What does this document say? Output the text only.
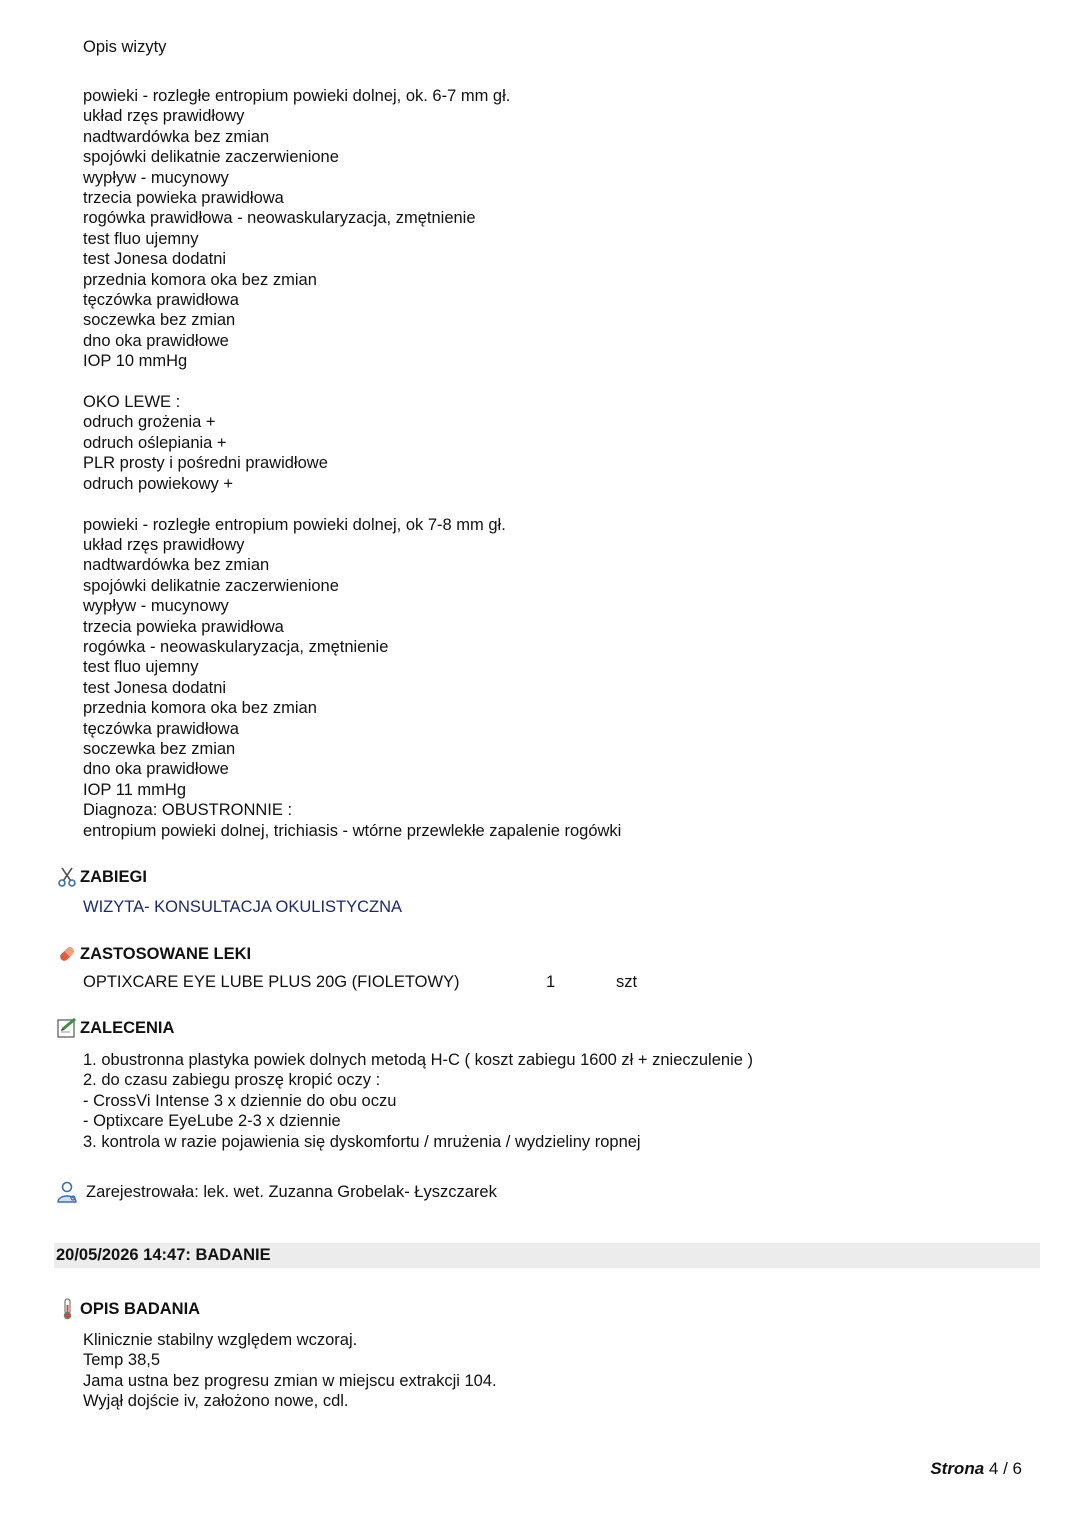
Opis wizyty
powieki - rozległe entropium powieki dolnej, ok. 6-7 mm gł.
układ rzęs prawidłowy
nadtwardówka bez zmian
spojówki delikatnie zaczerwienione
wypływ - mucynowy
trzecia powieka prawidłowa
rogówka prawidłowa - neowaskularyzacja, zmętnienie
test fluo ujemny
test Jonesa dodatni
przednia komora oka bez zmian
tęczówka prawidłowa
soczewka bez zmian
dno oka prawidłowe
IOP 10 mmHg
OKO LEWE :
odruch grożenia +
odruch oślepiania +
PLR prosty i pośredni prawidłowe
odruch powiekowy +
powieki - rozległe entropium powieki dolnej, ok 7-8 mm gł.
układ rzęs prawidłowy
nadtwardówka bez zmian
spojówki delikatnie zaczerwienione
wypływ - mucynowy
trzecia powieka prawidłowa
rogówka - neowaskularyzacja, zmętnienie
test fluo ujemny
test Jonesa dodatni
przednia komora oka bez zmian
tęczówka prawidłowa
soczewka bez zmian
dno oka prawidłowe
IOP 11 mmHg
Diagnoza: OBUSTRONNIE :
entropium powieki dolnej, trichiasis - wtórne przewlekłe zapalenie rogówki
ZABIEGI
WIZYTA- KONSULTACJA OKULISTYCZNA
ZASTOSOWANE LEKI
OPTIXCARE EYE LUBE PLUS 20G (FIOLETOWY)	1	szt
ZALECENIA
1. obustronna plastyka powiek dolnych metodą H-C ( koszt zabiegu 1600 zł + znieczulenie )
2. do czasu zabiegu proszę kropić oczy :
- CrossVi Intense 3 x dziennie do obu oczu
- Optixcare EyeLube 2-3 x dziennie
3. kontrola w razie pojawienia się dyskomfortu / mrużenia / wydzieliny ropnej
Zarejestrowała: lek. wet. Zuzanna Grobelak- Łyszczarek
20/05/2026 14:47: BADANIE
OPIS BADANIA
Klinicznie stabilny względem wczoraj.
Temp 38,5
Jama ustna bez progresu zmian w miejscu extrakcji 104.
Wyjął dojście iv, założono nowe, cdl.
Strona 4 / 6
